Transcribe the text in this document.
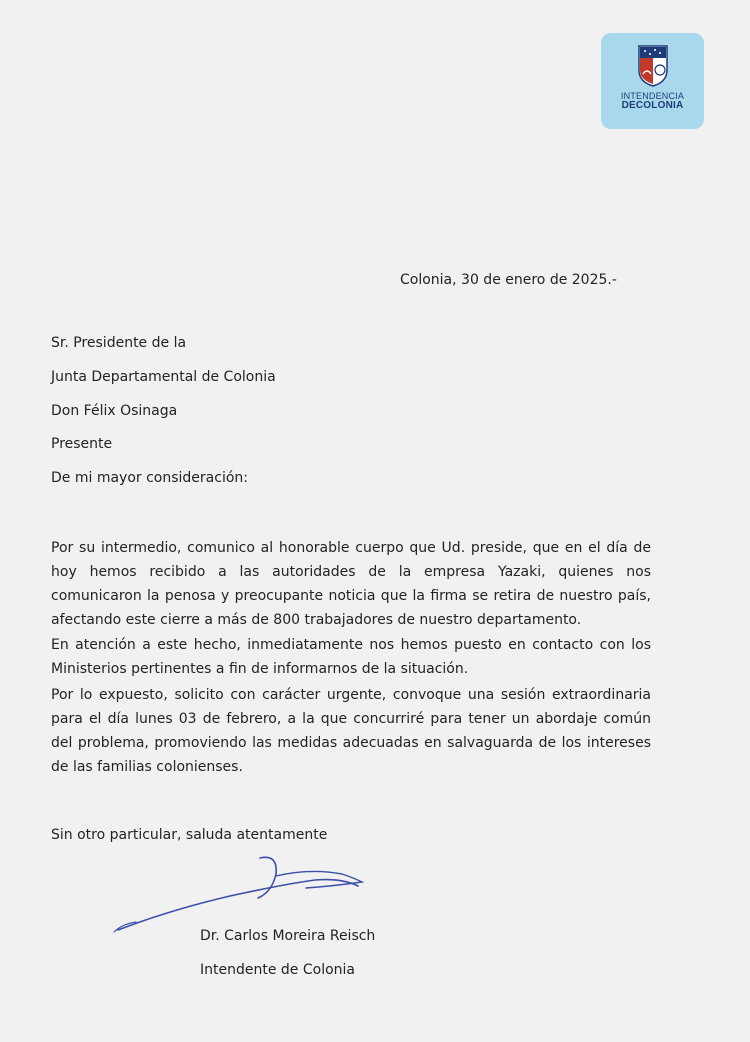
INTENDENCIA
DECOLONIA
Colonia, 30 de enero de 2025.-
Sr. Presidente de la
Junta Departamental de Colonia
Don Félix Osinaga
Presente
De mi mayor consideración:
Por su intermedio, comunico al honorable cuerpo que Ud. preside, que en el día de hoy hemos recibido a las autoridades de la empresa Yazaki, quienes nos comunicaron la penosa y preocupante noticia que la firma se retira de nuestro país, afectando este cierre a más de 800 trabajadores de nuestro departamento.
En atención a este hecho, inmediatamente nos hemos puesto en contacto con los Ministerios pertinentes a fin de informarnos de la situación.
Por lo expuesto, solicito con carácter urgente, convoque una sesión extraordinaria para el día lunes 03 de febrero, a la que concurriré para tener un abordaje común del problema, promoviendo las medidas adecuadas en salvaguarda de los intereses de las familias colonienses.
Sin otro particular, saluda atentamente
Dr. Carlos Moreira Reisch
Intendente de Colonia
